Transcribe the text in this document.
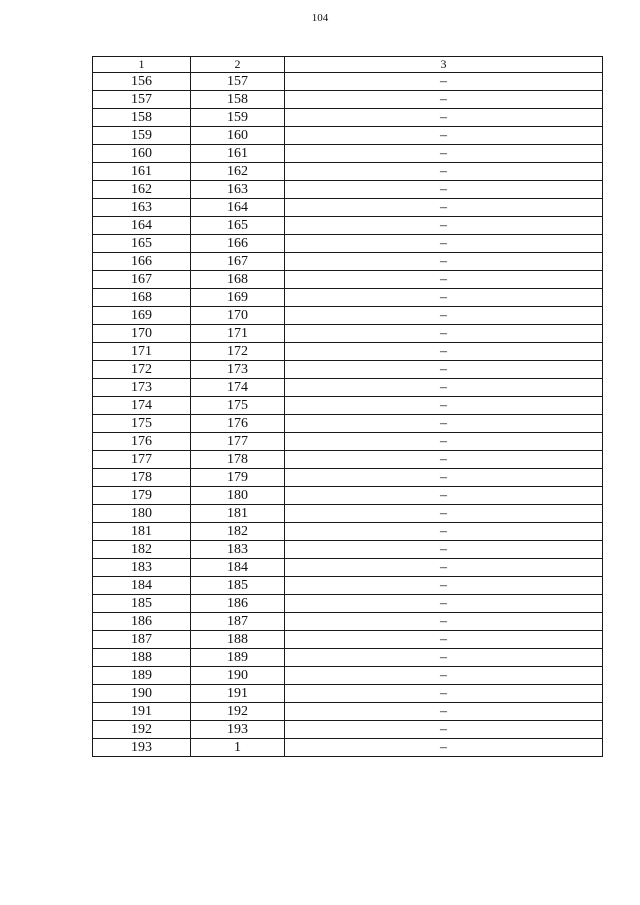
104
1	2	3
156	157	–
157	158	–
158	159	–
159	160	–
160	161	–
161	162	–
162	163	–
163	164	–
164	165	–
165	166	–
166	167	–
167	168	–
168	169	–
169	170	–
170	171	–
171	172	–
172	173	–
173	174	–
174	175	–
175	176	–
176	177	–
177	178	–
178	179	–
179	180	–
180	181	–
181	182	–
182	183	–
183	184	–
184	185	–
185	186	–
186	187	–
187	188	–
188	189	–
189	190	–
190	191	–
191	192	–
192	193	–
193	1	–
